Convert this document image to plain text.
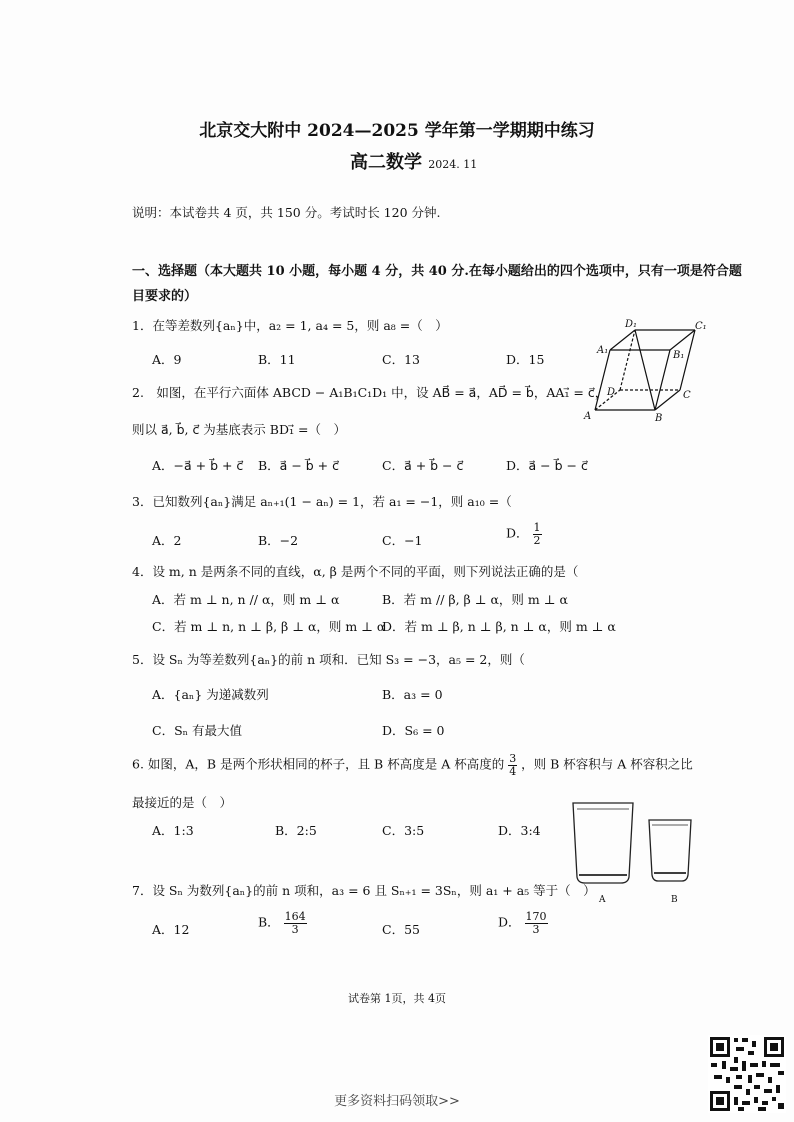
北京交大附中 2024—2025 学年第一学期期中练习
高二数学 2024. 11
说明：本试卷共 4 页，共 150 分。考试时长 120 分钟.
一、选择题（本大题共 10 小题，每小题 4 分，共 40 分.在每小题给出的四个选项中，只有一项是符合题
目要求的）
1．在等差数列{aₙ}中，a₂ = 1, a₄ = 5，则 a₈ =（　）
A．9	B．11	C．13	D．15
A	B
C
D
A₁	B₁
C₁
D₁
2.　如图，在平行六面体 ABCD − A₁B₁C₁D₁ 中，设 AB⃗ = a⃗，AD⃗ = b⃗，AA₁⃗ = c⃗，
则以 a⃗, b⃗, c⃗ 为基底表示 BD₁⃗ =（　）
A．−a⃗ + b⃗ + c⃗ B．a⃗ − b⃗ + c⃗	C．a⃗ + b⃗ − c⃗	D．a⃗ − b⃗ − c⃗
3．已知数列{aₙ}满足 aₙ₊₁(1 − aₙ) = 1，若 a₁ = −1，则 a₁₀ =（
A．2	B．−2	C．−1	D． $\frac{1}{2}$
4．设 m, n 是两条不同的直线，α, β 是两个不同的平面，则下列说法正确的是（
A．若 m ⊥ n, n // α，则 m ⊥ α	B．若 m // β, β ⊥ α，则 m ⊥ α
C．若 m ⊥ n, n ⊥ β, β ⊥ α，则 m ⊥ α
D．若 m ⊥ β, n ⊥ β, n ⊥ α，则 m ⊥ α
5．设 Sₙ 为等差数列{aₙ}的前 n 项和．已知 S₃ = −3，a₅ = 2，则（
A．{aₙ} 为递减数列	B．a₃ = 0
C．Sₙ 有最大值	D．S₆ = 0
6. 如图，A，B 是两个形状相同的杯子，且 B 杯高度是 A 杯高度的 $\frac{3}{4}$ ，则 B 杯容积与 A 杯容积之比
最接近的是（　）
A．1:3	B．2:5	C．3:5	D．3:4
A	B
7．设 Sₙ 为数列{aₙ}的前 n 项和，a₃ = 6 且 Sₙ₊₁ = 3Sₙ，则 a₁ + a₅ 等于（　）
A．12	B． $\frac{164}{3}$	C．55	D． $\frac{170}{3}$
试卷第 1页，共 4页
更多资料扫码领取>>
